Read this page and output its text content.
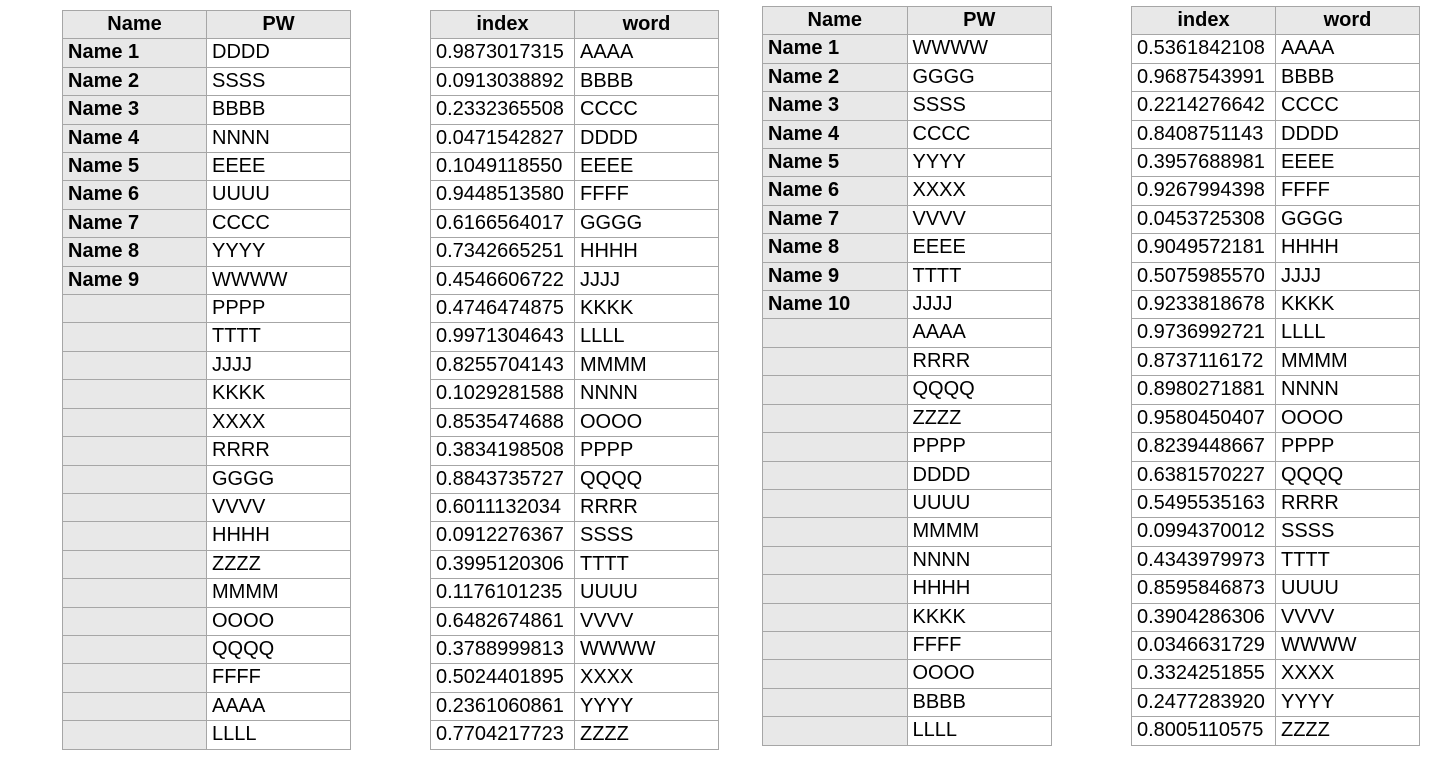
Name	PW
Name 1	DDDD
Name 2	SSSS
Name 3	BBBB
Name 4	NNNN
Name 5	EEEE
Name 6	UUUU
Name 7	CCCC
Name 8	YYYY
Name 9	WWWW
	PPPP
	TTTT
	JJJJ
	KKKK
	XXXX
	RRRR
	GGGG
	VVVV
	HHHH
	ZZZZ
	MMMM
	OOOO
	QQQQ
	FFFF
	AAAA
	LLLL
index	word
0.9873017315	AAAA
0.0913038892	BBBB
0.2332365508	CCCC
0.0471542827	DDDD
0.1049118550	EEEE
0.9448513580	FFFF
0.6166564017	GGGG
0.7342665251	HHHH
0.4546606722	JJJJ
0.4746474875	KKKK
0.9971304643	LLLL
0.8255704143	MMMM
0.1029281588	NNNN
0.8535474688	OOOO
0.3834198508	PPPP
0.8843735727	QQQQ
0.6011132034	RRRR
0.0912276367	SSSS
0.3995120306	TTTT
0.1176101235	UUUU
0.6482674861	VVVV
0.3788999813	WWWW
0.5024401895	XXXX
0.2361060861	YYYY
0.7704217723	ZZZZ
Name	PW
Name 1	WWWW
Name 2	GGGG
Name 3	SSSS
Name 4	CCCC
Name 5	YYYY
Name 6	XXXX
Name 7	VVVV
Name 8	EEEE
Name 9	TTTT
Name 10	JJJJ
	AAAA
	RRRR
	QQQQ
	ZZZZ
	PPPP
	DDDD
	UUUU
	MMMM
	NNNN
	HHHH
	KKKK
	FFFF
	OOOO
	BBBB
	LLLL
index	word
0.5361842108	AAAA
0.9687543991	BBBB
0.2214276642	CCCC
0.8408751143	DDDD
0.3957688981	EEEE
0.9267994398	FFFF
0.0453725308	GGGG
0.9049572181	HHHH
0.5075985570	JJJJ
0.9233818678	KKKK
0.9736992721	LLLL
0.8737116172	MMMM
0.8980271881	NNNN
0.9580450407	OOOO
0.8239448667	PPPP
0.6381570227	QQQQ
0.5495535163	RRRR
0.0994370012	SSSS
0.4343979973	TTTT
0.8595846873	UUUU
0.3904286306	VVVV
0.0346631729	WWWW
0.3324251855	XXXX
0.2477283920	YYYY
0.8005110575	ZZZZ
